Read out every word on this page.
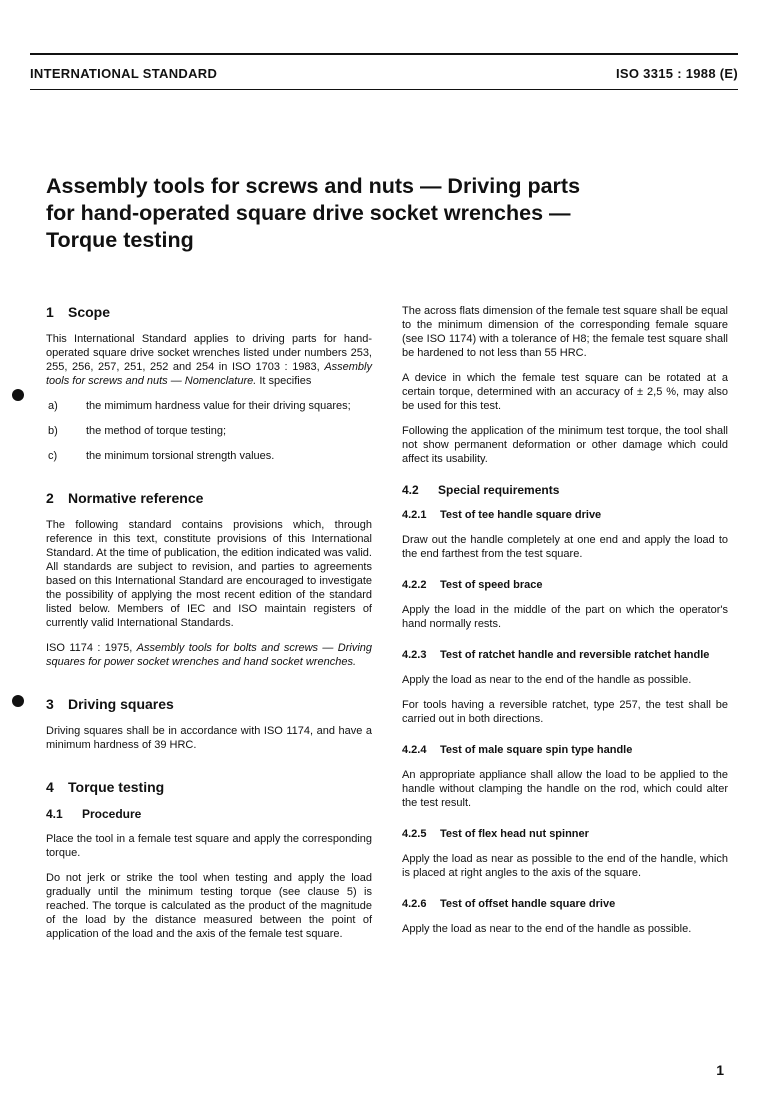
INTERNATIONAL STANDARD	ISO 3315 : 1988 (E)
Assembly tools for screws and nuts — Driving parts
for hand-operated square drive socket wrenches —
Torque testing
1 Scope

This International Standard applies to driving parts for hand-operated square drive socket wrenches listed under numbers 253, 255, 256, 257, 251, 252 and 254 in ISO 1703 : 1983, Assembly tools for screws and nuts — Nomenclature. It specifies

a)	the mimimum hardness value for their driving squares;
b)	the method of torque testing;
c)	the minimum torsional strength values.
2 Normative reference

The following standard contains provisions which, through reference in this text, constitute provisions of this International Standard. At the time of publication, the edition indicated was valid. All standards are subject to revision, and parties to agreements based on this International Standard are encouraged to investigate the possibility of applying the most recent edition of the standard listed below. Members of IEC and ISO maintain registers of currently valid International Standards.

ISO 1174 : 1975, Assembly tools for bolts and screws — Driving squares for power socket wrenches and hand socket wrenches.

3 Driving squares

Driving squares shall be in accordance with ISO 1174, and have a minimum hardness of 39 HRC.

4 Torque testing
4.1 Procedure

Place the tool in a female test square and apply the corresponding torque.

Do not jerk or strike the tool when testing and apply the load gradually until the minimum testing torque (see clause 5) is reached. The torque is calculated as the product of the magnitude of the load by the distance measured between the point of application of the load and the axis of the female test square.

The across flats dimension of the female test square shall be equal to the minimum dimension of the corresponding female square (see ISO 1174) with a tolerance of H8; the female test square shall be hardened to not less than 55 HRC.

A device in which the female test square can be rotated at a certain torque, determined with an accuracy of ± 2,5 %, may also be used for this test.

Following the application of the minimum test torque, the tool shall not show permanent deformation or other damage which could affect its usability.

4.2 Special requirements
4.2.1 Test of tee handle square drive

Draw out the handle completely at one end and apply the load to the end farthest from the test square.

4.2.2 Test of speed brace

Apply the load in the middle of the part on which the operator's hand normally rests.

4.2.3 Test of ratchet handle and reversible ratchet handle

Apply the load as near to the end of the handle as possible.

For tools having a reversible ratchet, type 257, the test shall be carried out in both directions.

4.2.4 Test of male square spin type handle

An appropriate appliance shall allow the load to be applied to the handle without clamping the handle on the rod, which could alter the test result.

4.2.5 Test of flex head nut spinner

Apply the load as near as possible to the end of the handle, which is placed at right angles to the axis of the square.

4.2.6 Test of offset handle square drive

Apply the load as near to the end of the handle as possible.

1
